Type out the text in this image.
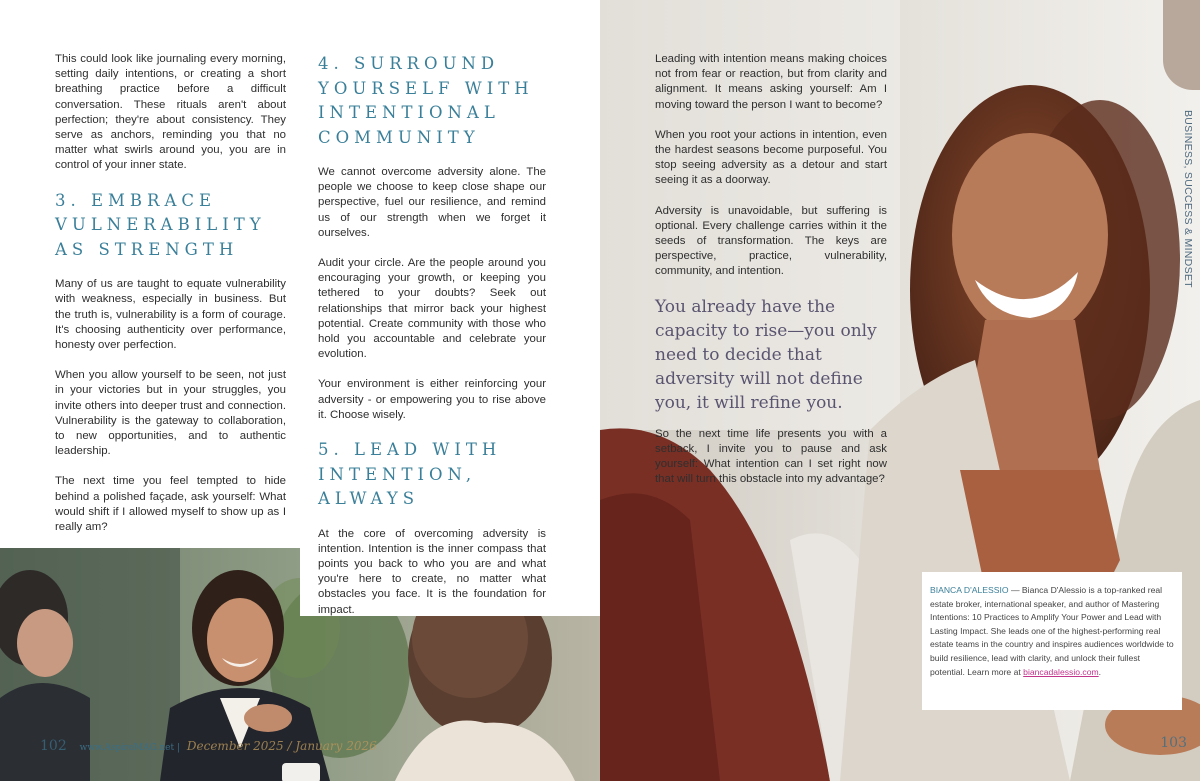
This could look like journaling every morning, setting daily intentions, or creating a short breathing practice before a difficult conversation. These rituals aren't about perfection; they're about consistency. They serve as anchors, reminding you that no matter what swirls around you, you are in control of your inner state.

3. EMBRACE VULNERABILITY AS STRENGTH

Many of us are taught to equate vulnerability with weakness, especially in business. But the truth is, vulnerability is a form of courage. It's choosing authenticity over performance, honesty over perfection.

When you allow yourself to be seen, not just in your victories but in your struggles, you invite others into deeper trust and connection. Vulnerability is the gateway to collaboration, to new opportunities, and to authentic leadership.

The next time you feel tempted to hide behind a polished façade, ask yourself: What would shift if I allowed myself to show up as I really am?

4. SURROUND YOURSELF WITH INTENTIONAL COMMUNITY

We cannot overcome adversity alone. The people we choose to keep close shape our perspective, fuel our resilience, and remind us of our strength when we forget it ourselves.

Audit your circle. Are the people around you encouraging your growth, or keeping you tethered to your doubts? Seek out relationships that mirror back your highest potential. Create community with those who hold you accountable and celebrate your evolution.

Your environment is either reinforcing your adversity - or empowering you to rise above it. Choose wisely.

5. LEAD WITH INTENTION, ALWAYS

At the core of overcoming adversity is intention. Intention is the inner compass that points you back to who you are and what you're here to create, no matter what obstacles you face. It is the foundation for impact.

102 www.AspireMAG.net | December 2025 / January 2026
BUSINESS, SUCCESS & MINDSET

Leading with intention means making choices not from fear or reaction, but from clarity and alignment. It means asking yourself: Am I moving toward the person I want to become?

When you root your actions in intention, even the hardest seasons become purposeful. You stop seeing adversity as a detour and start seeing it as a doorway.

Adversity is unavoidable, but suffering is optional. Every challenge carries within it the seeds of transformation. The keys are perspective, practice, vulnerability, community, and intention.

You already have the capacity to rise—you only need to decide that adversity will not define you, it will refine you.

So the next time life presents you with a setback, I invite you to pause and ask yourself: What intention can I set right now that will turn this obstacle into my advantage?

BIANCA D'ALESSIO — Bianca D'Alessio is a top-ranked real estate broker, international speaker, and author of Mastering Intentions: 10 Practices to Amplify Your Power and Lead with Lasting Impact. She leads one of the highest-performing real estate teams in the country and inspires audiences worldwide to build resilience, lead with clarity, and unlock their fullest potential. Learn more at biancadalessio.com.
103
